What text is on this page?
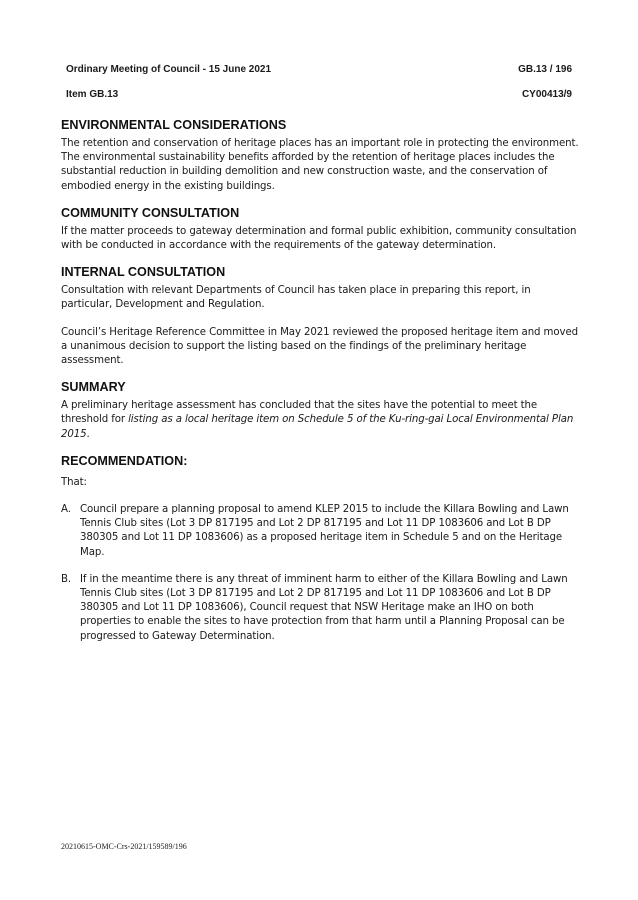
Ordinary Meeting of Council - 15 June 2021	GB.13 / 196
Item GB.13	CY00413/9
ENVIRONMENTAL CONSIDERATIONS

The retention and conservation of heritage places has an important role in protecting the environment. The environmental sustainability benefits afforded by the retention of heritage places includes the substantial reduction in building demolition and new construction waste, and the conservation of embodied energy in the existing buildings.

COMMUNITY CONSULTATION

If the matter proceeds to gateway determination and formal public exhibition, community consultation with be conducted in accordance with the requirements of the gateway determination.

INTERNAL CONSULTATION

Consultation with relevant Departments of Council has taken place in preparing this report, in particular, Development and Regulation.

Council’s Heritage Reference Committee in May 2021 reviewed the proposed heritage item and moved a unanimous decision to support the listing based on the findings of the preliminary heritage assessment.

SUMMARY

A preliminary heritage assessment has concluded that the sites have the potential to meet the threshold for listing as a local heritage item on Schedule 5 of the Ku-ring-gai Local Environmental Plan 2015.

RECOMMENDATION:

That:

A. Council prepare a planning proposal to amend KLEP 2015 to include the Killara Bowling and Lawn Tennis Club sites (Lot 3 DP 817195 and Lot 2 DP 817195 and Lot 11 DP 1083606 and Lot B DP 380305 and Lot 11 DP 1083606) as a proposed heritage item in Schedule 5 and on the Heritage Map.
B. If in the meantime there is any threat of imminent harm to either of the Killara Bowling and Lawn Tennis Club sites (Lot 3 DP 817195 and Lot 2 DP 817195 and Lot 11 DP 1083606 and Lot B DP 380305 and Lot 11 DP 1083606), Council request that NSW Heritage make an IHO on both properties to enable the sites to have protection from that harm until a Planning Proposal can be progressed to Gateway Determination.
20210615-OMC-Crs-2021/159589/196
